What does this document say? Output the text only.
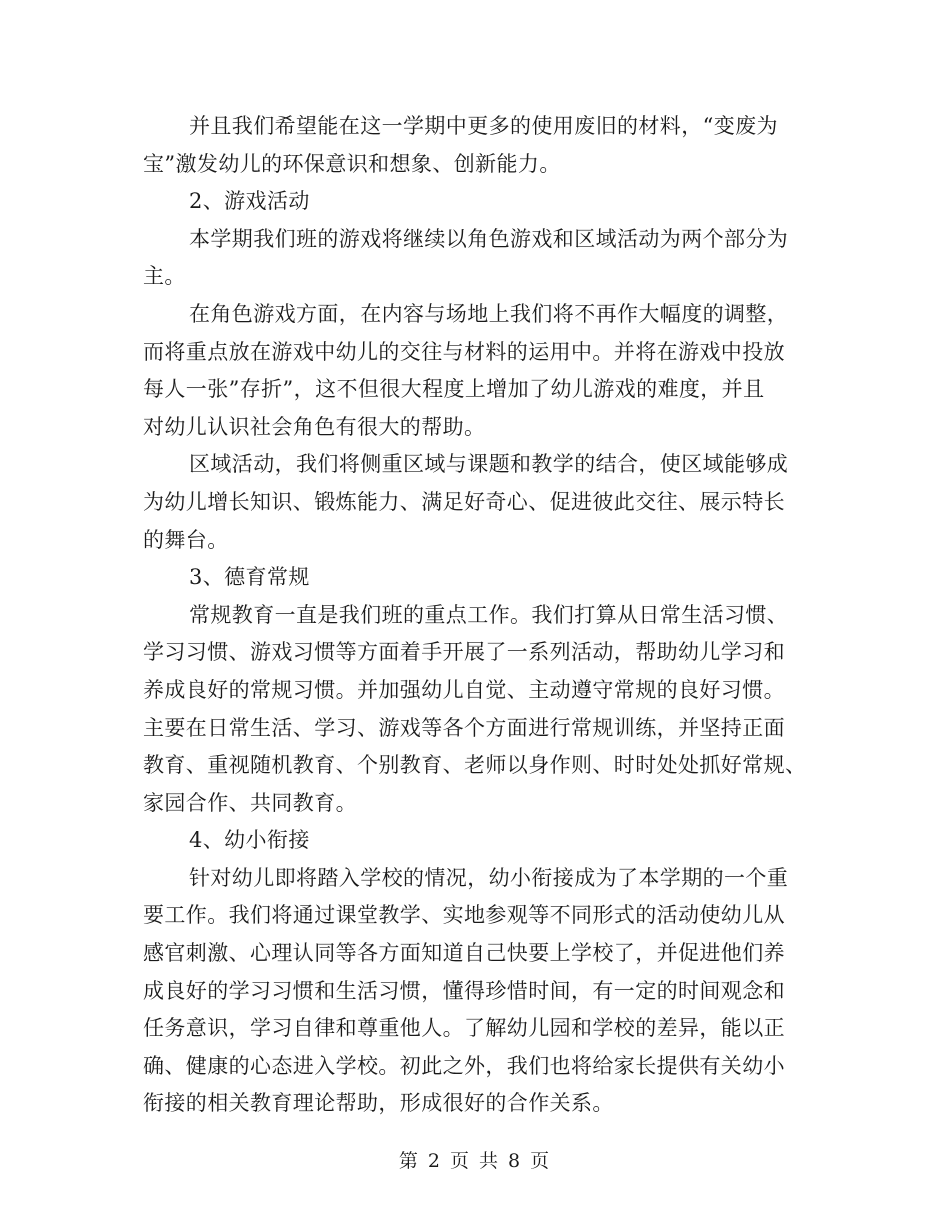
并且我们希望能在这一学期中更多的使用废旧的材料，“变废为
宝”激发幼儿的环保意识和想象、创新能力。
2、游戏活动
本学期我们班的游戏将继续以角色游戏和区域活动为两个部分为
主。
在角色游戏方面，在内容与场地上我们将不再作大幅度的调整，
而将重点放在游戏中幼儿的交往与材料的运用中。并将在游戏中投放
每人一张”存折”，这不但很大程度上增加了幼儿游戏的难度，并且
对幼儿认识社会角色有很大的帮助。
区域活动，我们将侧重区域与课题和教学的结合，使区域能够成
为幼儿增长知识、锻炼能力、满足好奇心、促进彼此交往、展示特长
的舞台。
3、德育常规
常规教育一直是我们班的重点工作。我们打算从日常生活习惯、
学习习惯、游戏习惯等方面着手开展了一系列活动，帮助幼儿学习和
养成良好的常规习惯。并加强幼儿自觉、主动遵守常规的良好习惯。
主要在日常生活、学习、游戏等各个方面进行常规训练，并坚持正面
教育、重视随机教育、个别教育、老师以身作则、时时处处抓好常规、
家园合作、共同教育。
4、幼小衔接
针对幼儿即将踏入学校的情况，幼小衔接成为了本学期的一个重
要工作。我们将通过课堂教学、实地参观等不同形式的活动使幼儿从
感官刺激、心理认同等各方面知道自己快要上学校了，并促进他们养
成良好的学习习惯和生活习惯，懂得珍惜时间，有一定的时间观念和
任务意识，学习自律和尊重他人。了解幼儿园和学校的差异，能以正
确、健康的心态进入学校。初此之外，我们也将给家长提供有关幼小
衔接的相关教育理论帮助，形成很好的合作关系。
第 2 页 共 8 页
